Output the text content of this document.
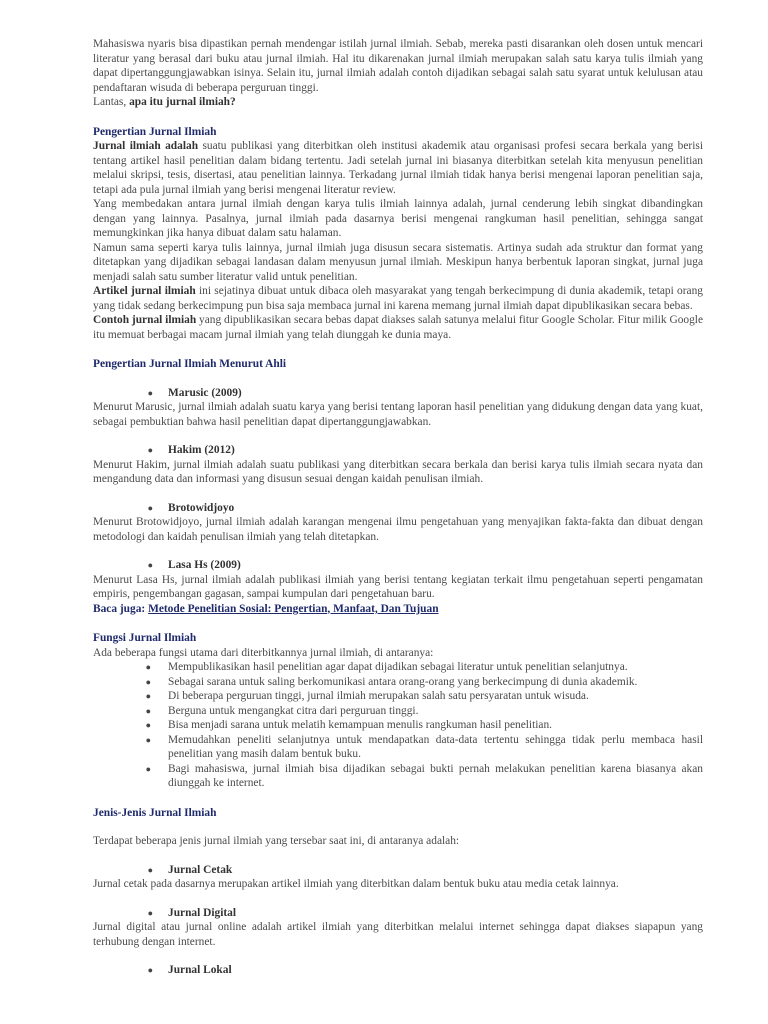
Mahasiswa nyaris bisa dipastikan pernah mendengar istilah jurnal ilmiah. Sebab, mereka pasti disarankan oleh dosen untuk mencari literatur yang berasal dari buku atau jurnal ilmiah. Hal itu dikarenakan jurnal ilmiah merupakan salah satu karya tulis ilmiah yang dapat dipertanggungjawabkan isinya. Selain itu, jurnal ilmiah adalah contoh dijadikan sebagai salah satu syarat untuk kelulusan atau pendaftaran wisuda di beberapa perguruan tinggi.

Lantas, apa itu jurnal ilmiah?

Pengertian Jurnal Ilmiah

Jurnal ilmiah adalah suatu publikasi yang diterbitkan oleh institusi akademik atau organisasi profesi secara berkala yang berisi tentang artikel hasil penelitian dalam bidang tertentu. Jadi setelah jurnal ini biasanya diterbitkan setelah kita menyusun penelitian melalui skripsi, tesis, disertasi, atau penelitian lainnya. Terkadang jurnal ilmiah tidak hanya berisi mengenai laporan penelitian saja, tetapi ada pula jurnal ilmiah yang berisi mengenai literatur review.

Yang membedakan antara jurnal ilmiah dengan karya tulis ilmiah lainnya adalah, jurnal cenderung lebih singkat dibandingkan dengan yang lainnya. Pasalnya, jurnal ilmiah pada dasarnya berisi mengenai rangkuman hasil penelitian, sehingga sangat memungkinkan jika hanya dibuat dalam satu halaman.

Namun sama seperti karya tulis lainnya, jurnal ilmiah juga disusun secara sistematis. Artinya sudah ada struktur dan format yang ditetapkan yang dijadikan sebagai landasan dalam menyusun jurnal ilmiah. Meskipun hanya berbentuk laporan singkat, jurnal juga menjadi salah satu sumber literatur valid untuk penelitian.

Artikel jurnal ilmiah ini sejatinya dibuat untuk dibaca oleh masyarakat yang tengah berkecimpung di dunia akademik, tetapi orang yang tidak sedang berkecimpung pun bisa saja membaca jurnal ini karena memang jurnal ilmiah dapat dipublikasikan secara bebas.

Contoh jurnal ilmiah yang dipublikasikan secara bebas dapat diakses salah satunya melalui fitur Google Scholar. Fitur milik Google itu memuat berbagai macam jurnal ilmiah yang telah diunggah ke dunia maya.

Pengertian Jurnal Ilmiah Menurut Ahli

●	Marusic (2009)

Menurut Marusic, jurnal ilmiah adalah suatu karya yang berisi tentang laporan hasil penelitian yang didukung dengan data yang kuat, sebagai pembuktian bahwa hasil penelitian dapat dipertanggungjawabkan.

●	Hakim (2012)

Menurut Hakim, jurnal ilmiah adalah suatu publikasi yang diterbitkan secara berkala dan berisi karya tulis ilmiah secara nyata dan mengandung data dan informasi yang disusun sesuai dengan kaidah penulisan ilmiah.

●	Brotowidjoyo

Menurut Brotowidjoyo, jurnal ilmiah adalah karangan mengenai ilmu pengetahuan yang menyajikan fakta-fakta dan dibuat dengan metodologi dan kaidah penulisan ilmiah yang telah ditetapkan.

●	Lasa Hs (2009)

Menurut Lasa Hs, jurnal ilmiah adalah publikasi ilmiah yang berisi tentang kegiatan terkait ilmu pengetahuan seperti pengamatan empiris, pengembangan gagasan, sampai kumpulan dari pengetahuan baru.

Baca juga: Metode Penelitian Sosial: Pengertian, Manfaat, Dan Tujuan

Fungsi Jurnal Ilmiah

Ada beberapa fungsi utama dari diterbitkannya jurnal ilmiah, di antaranya:

●	Mempublikasikan hasil penelitian agar dapat dijadikan sebagai literatur untuk penelitian selanjutnya.
●	Sebagai sarana untuk saling berkomunikasi antara orang-orang yang berkecimpung di dunia akademik.
●	Di beberapa perguruan tinggi, jurnal ilmiah merupakan salah satu persyaratan untuk wisuda.
●	Berguna untuk mengangkat citra dari perguruan tinggi.
●	Bisa menjadi sarana untuk melatih kemampuan menulis rangkuman hasil penelitian.
●	Memudahkan peneliti selanjutnya untuk mendapatkan data-data tertentu sehingga tidak perlu membaca hasil penelitian yang masih dalam bentuk buku.
●	Bagi mahasiswa, jurnal ilmiah bisa dijadikan sebagai bukti pernah melakukan penelitian karena biasanya akan diunggah ke internet.

Jenis-Jenis Jurnal Ilmiah

Terdapat beberapa jenis jurnal ilmiah yang tersebar saat ini, di antaranya adalah:

●	Jurnal Cetak

Jurnal cetak pada dasarnya merupakan artikel ilmiah yang diterbitkan dalam bentuk buku atau media cetak lainnya.

●	Jurnal Digital

Jurnal digital atau jurnal online adalah artikel ilmiah yang diterbitkan melalui internet sehingga dapat diakses siapapun yang terhubung dengan internet.

●	Jurnal Lokal
